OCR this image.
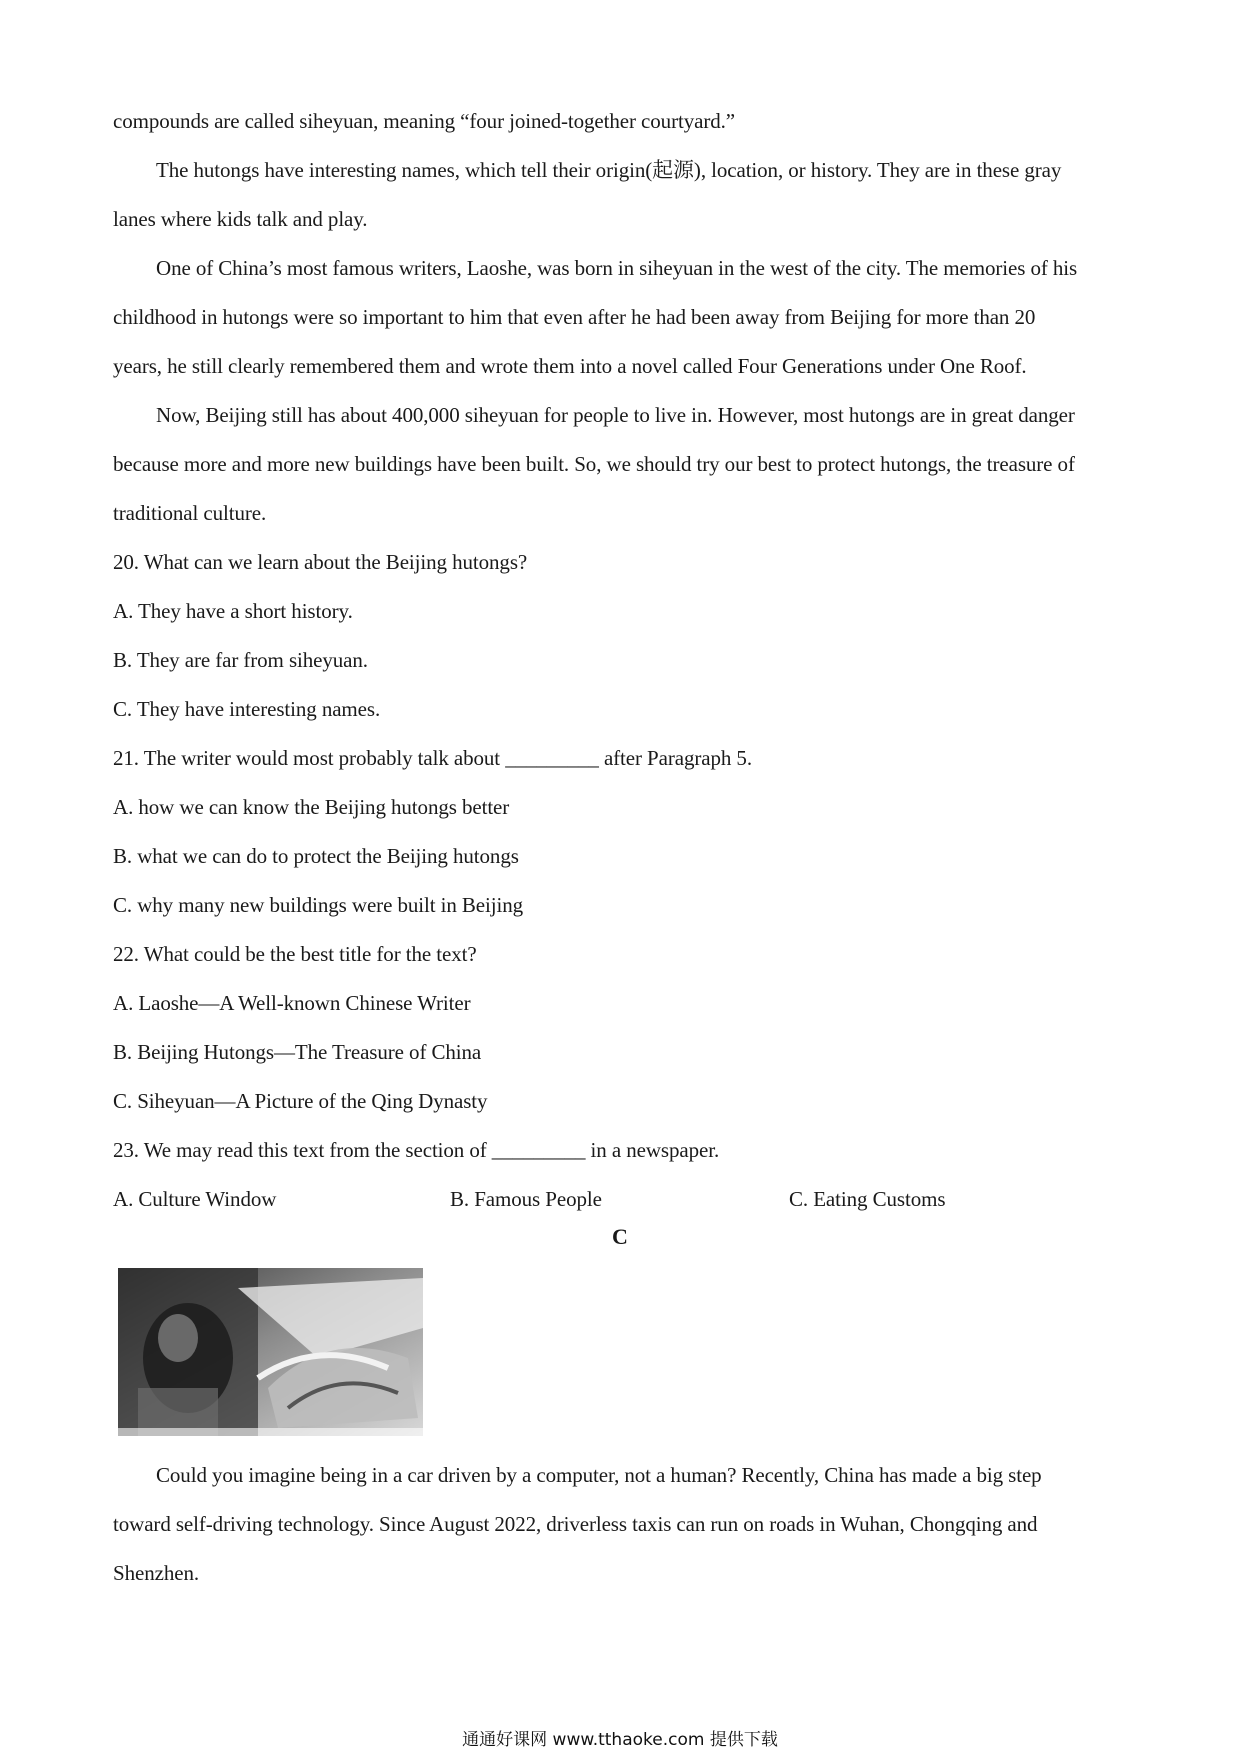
compounds are called siheyuan, meaning “four joined-together courtyard.”
The hutongs have interesting names, which tell their origin(起源), location, or history. They are in these gray
lanes where kids talk and play.
One of China’s most famous writers, Laoshe, was born in siheyuan in the west of the city. The memories of his
childhood in hutongs were so important to him that even after he had been away from Beijing for more than 20
years, he still clearly remembered them and wrote them into a novel called Four Generations under One Roof.
Now, Beijing still has about 400,000 siheyuan for people to live in. However, most hutongs are in great danger
because more and more new buildings have been built. So, we should try our best to protect hutongs, the treasure of
traditional culture.
20. What can we learn about the Beijing hutongs?
A. They have a short history.
B. They are far from siheyuan.
C. They have interesting names.
21. The writer would most probably talk about _________ after Paragraph 5.
A. how we can know the Beijing hutongs better
B. what we can do to protect the Beijing hutongs
C. why many new buildings were built in Beijing
22. What could be the best title for the text?
A. Laoshe—A Well-known Chinese Writer
B. Beijing Hutongs—The Treasure of China
C. Siheyuan—A Picture of the Qing Dynasty
23. We may read this text from the section of _________ in a newspaper.
A. Culture Window	B. Famous People	C. Eating Customs
C
Could you imagine being in a car driven by a computer, not a human? Recently, China has made a big step
toward self-driving technology. Since August 2022, driverless taxis can run on roads in Wuhan, Chongqing and
Shenzhen.
通通好课网 www.tthaoke.com 提供下载
